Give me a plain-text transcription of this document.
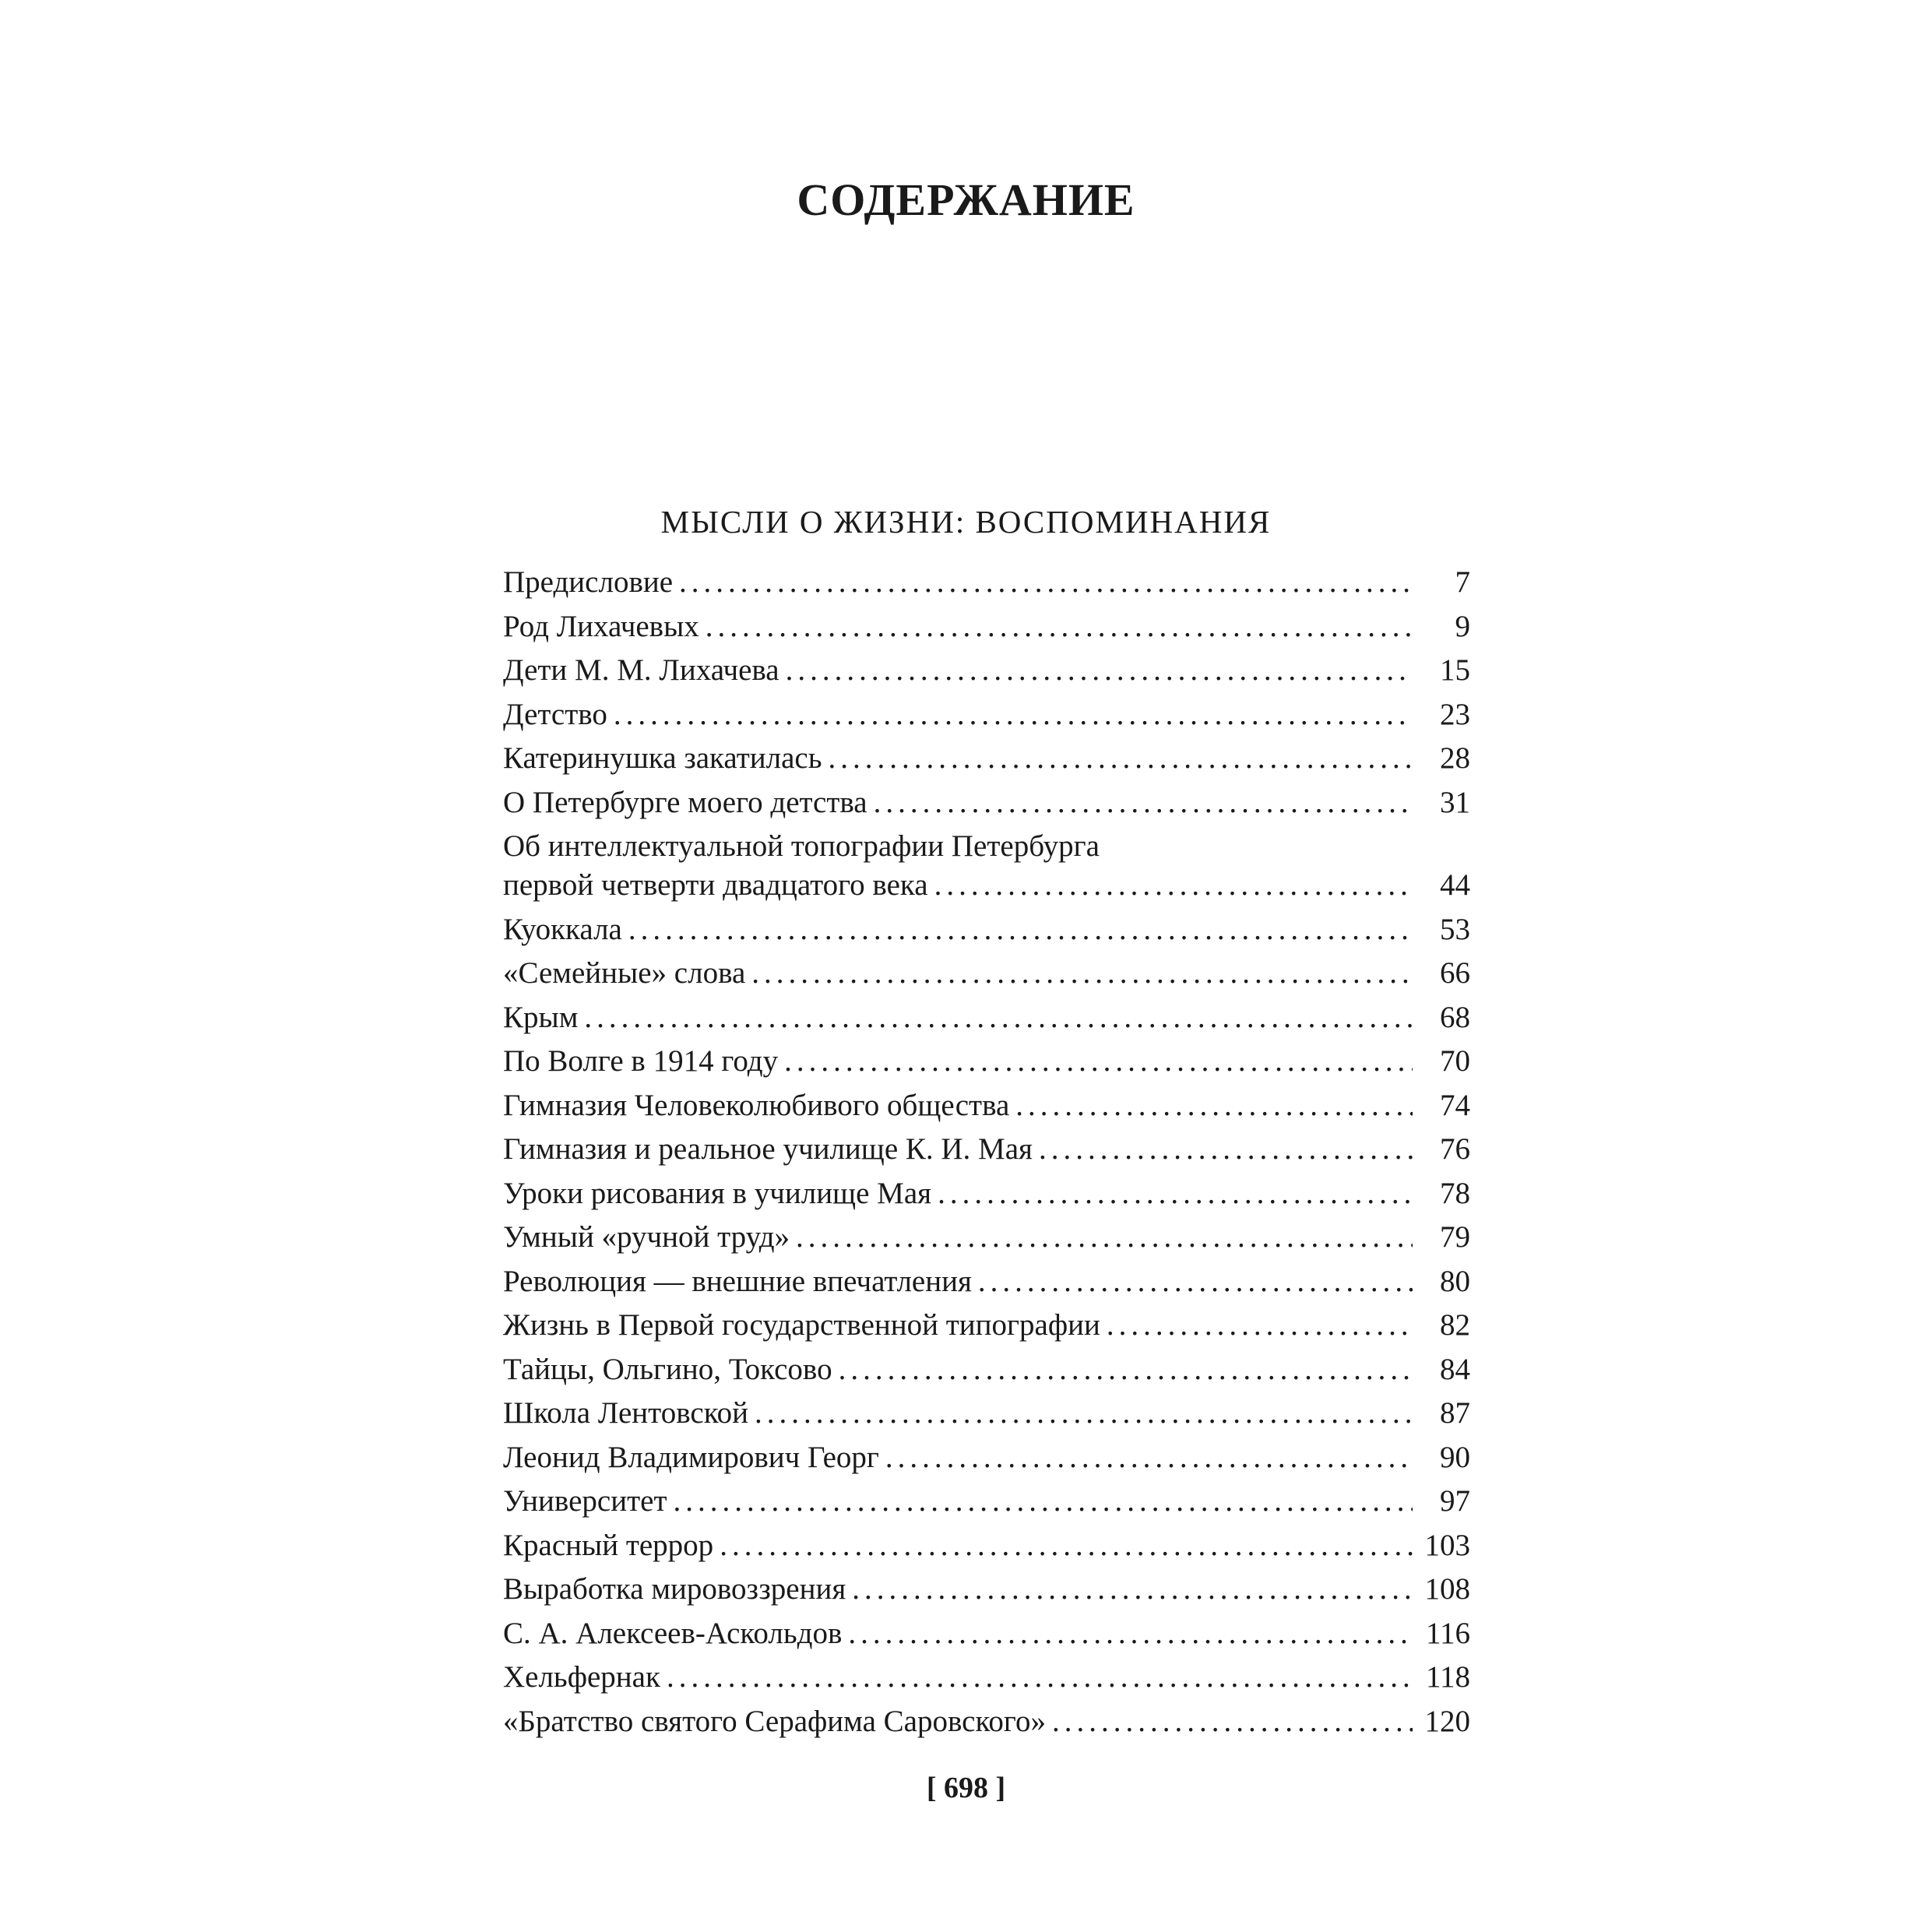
СОДЕРЖАНИЕ
МЫСЛИ О ЖИЗНИ: ВОСПОМИНАНИЯ
Предисловие .....	7
Род Лихачевых .....	9
Дети М. М. Лихачева .....	15
Детство .....	23
Катеринушка закатилась .....	28
О Петербурге моего детства .....	31
Об интеллектуальной топографии Петербурга
первой четверти двадцатого века .....	44
Куоккала .....	53
«Семейные» слова .....	66
Крым .....	68
По Волге в 1914 году .....	70
Гимназия Человеколюбивого общества .....	74
Гимназия и реальное училище К. И. Мая .....	76
Уроки рисования в училище Мая .....	78
Умный «ручной труд» .....	79
Революция — внешние впечатления .....	80
Жизнь в Первой государственной типографии .....	82
Тайцы, Ольгино, Токсово .....	84
Школа Лентовской .....	87
Леонид Владимирович Георг .....	90
Университет .....	97
Красный террор .....	103
Выработка мировоззрения .....	108
С. А. Алексеев-Аскольдов .....	116
Хельфернак .....	118
«Братство святого Серафима Саровского» .....	120
[ 698 ]
